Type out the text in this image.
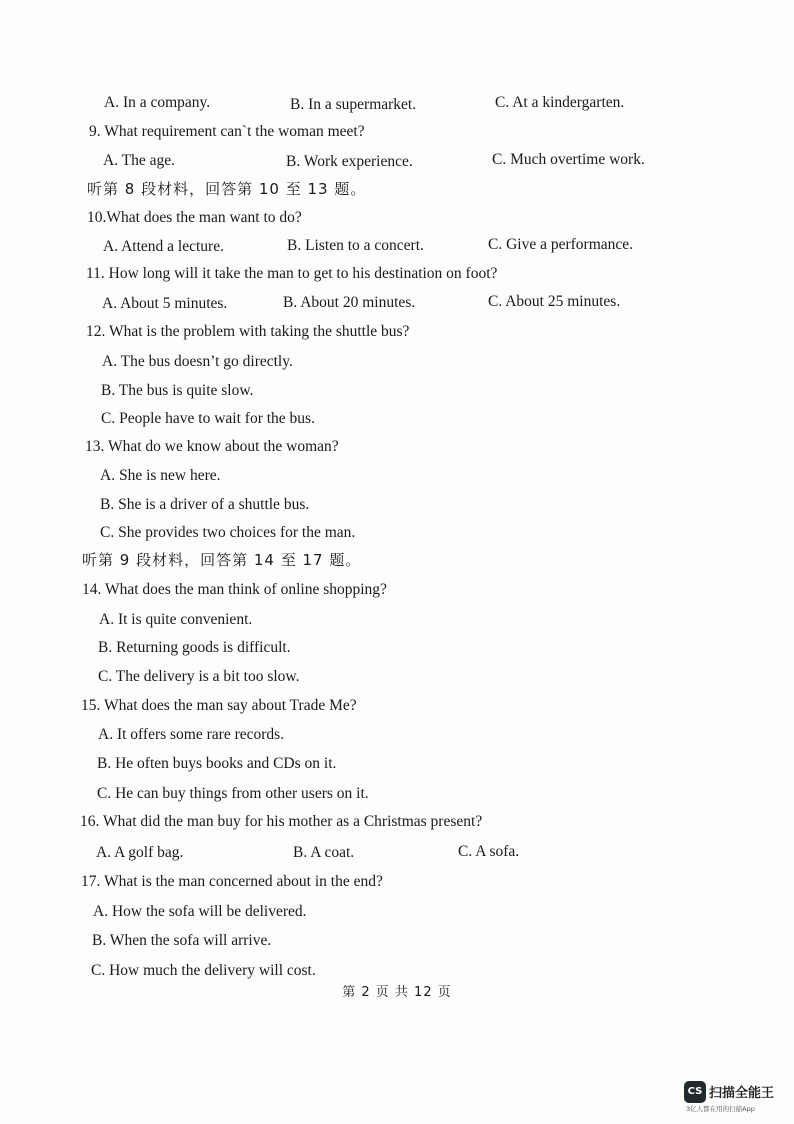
A. In a company.	B. In a supermarket.	C. At a kindergarten.
9. What requirement can`t the woman meet?
A. The age.	B. Work experience.	C. Much overtime work.
听第 8 段材料，回答第 10 至 13 题。
10.What does the man want to do?
A. Attend a lecture.	B. Listen to a concert.	C. Give a performance.
11. How long will it take the man to get to his destination on foot?
A. About 5 minutes.	B. About 20 minutes.	C. About 25 minutes.
12. What is the problem with taking the shuttle bus?
A. The bus doesn’t go directly.
B. The bus is quite slow.
C. People have to wait for the bus.
13. What do we know about the woman?
A. She is new here.
B. She is a driver of a shuttle bus.
C. She provides two choices for the man.
听第 9 段材料，回答第 14 至 17 题。
14. What does the man think of online shopping?
A. It is quite convenient.
B. Returning goods is difficult.
C. The delivery is a bit too slow.
15. What does the man say about Trade Me?
A. It offers some rare records.
B. He often buys books and CDs on it.
C. He can buy things from other users on it.
16. What did the man buy for his mother as a Christmas present?
A. A golf bag.	B. A coat.	C. A sofa.
17. What is the man concerned about in the end?
A. How the sofa will be delivered.
B. When the sofa will arrive.
C. How much the delivery will cost.
第 2 页 共 12 页
CS 扫描全能王
3亿人都在用的扫描App
